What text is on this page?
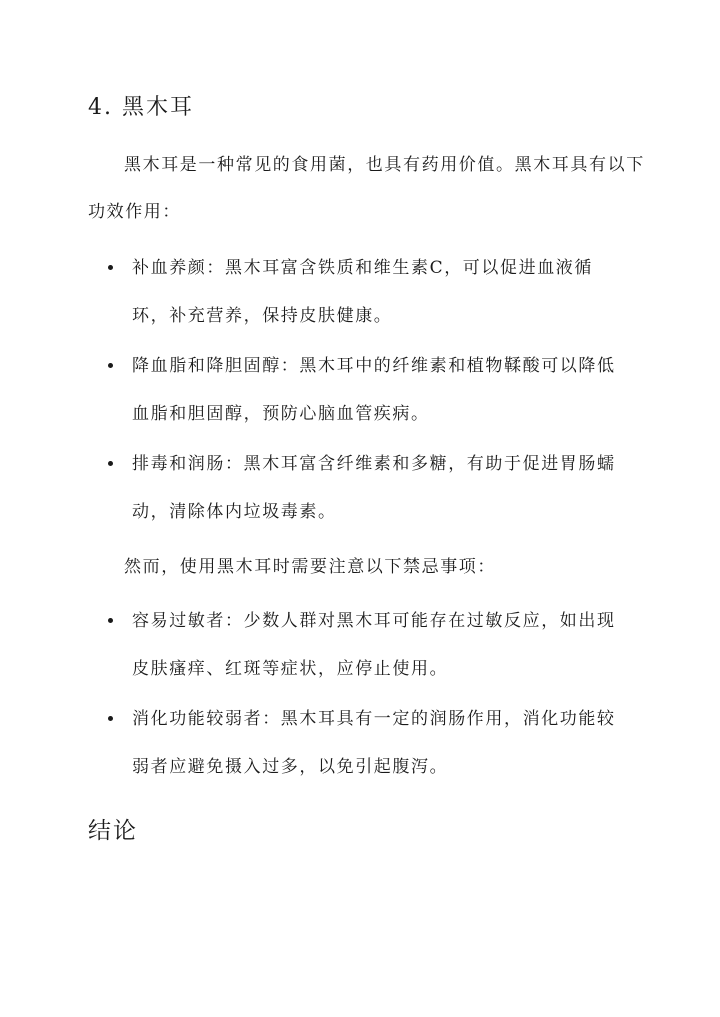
4. 黑木耳

黑木耳是一种常见的食用菌，也具有药用价值。黑木耳具有以下功效作用：

补血养颜：黑木耳富含铁质和维生素C，可以促进血液循环，补充营养，保持皮肤健康。
降血脂和降胆固醇：黑木耳中的纤维素和植物鞣酸可以降低血脂和胆固醇，预防心脑血管疾病。
排毒和润肠：黑木耳富含纤维素和多糖，有助于促进胃肠蠕动，清除体内垃圾毒素。

然而，使用黑木耳时需要注意以下禁忌事项：

容易过敏者：少数人群对黑木耳可能存在过敏反应，如出现皮肤瘙痒、红斑等症状，应停止使用。
消化功能较弱者：黑木耳具有一定的润肠作用，消化功能较弱者应避免摄入过多，以免引起腹泻。
结论
